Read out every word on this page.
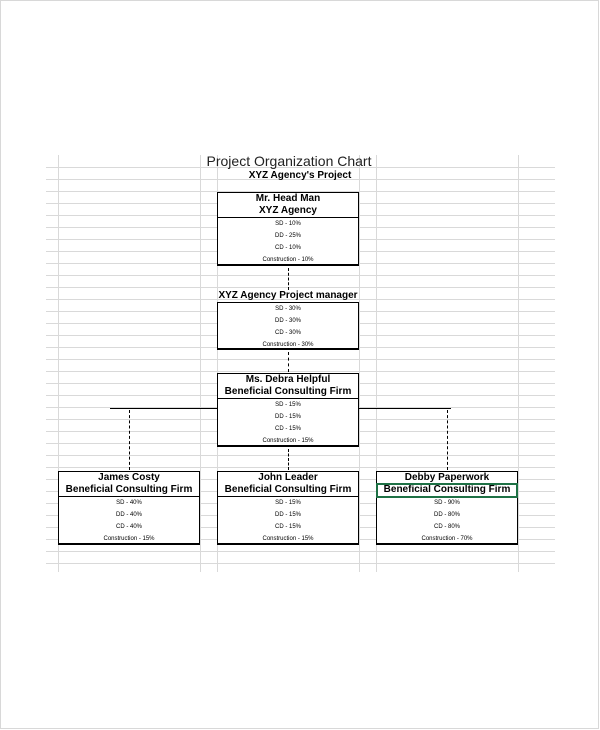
Project Organization Chart
XYZ Agency's Project
Mr. Head Man
XYZ Agency
SD - 10%
DD - 25%
CD - 10%
Construction - 10%
XYZ Agency Project manager
SD - 30%
DD - 30%
CD - 30%
Construction - 30%
Ms. Debra Helpful
Beneficial Consulting Firm
SD - 15%
DD - 15%
CD - 15%
Construction - 15%
James Costy
Beneficial Consulting Firm
SD - 40%
DD - 40%
CD - 40%
Construction - 15%
John Leader
Beneficial Consulting Firm
SD - 15%
DD - 15%
CD - 15%
Construction - 15%
Debby Paperwork
Beneficial Consulting Firm
SD - 90%
DD - 80%
CD - 80%
Construction - 70%
